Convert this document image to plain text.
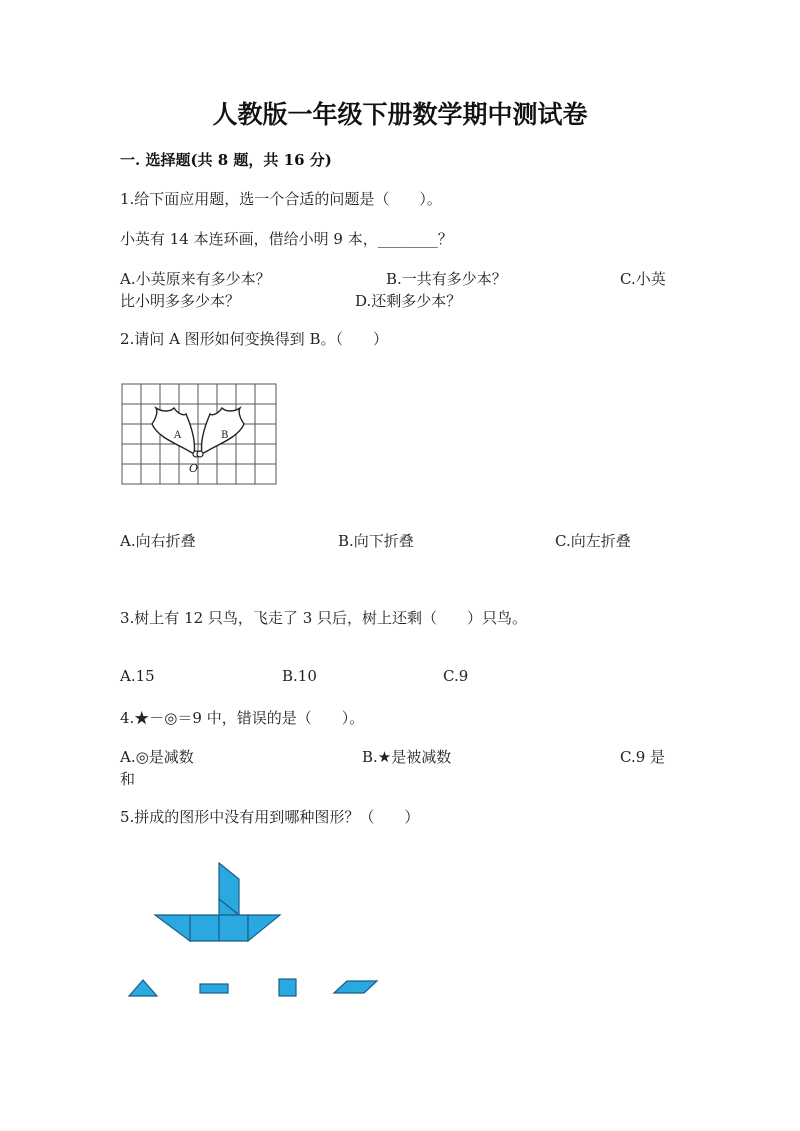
人教版一年级下册数学期中测试卷
一. 选择题(共 8 题，共 16 分)
1.给下面应用题，选一个合适的问题是（　　）。
小英有 14 本连环画，借给小明 9 本，________？
A.小英原来有多少本？	B.一共有多少本？	C.小英
比小明多多少本？	D.还剩多少本？
2.请问 A 图形如何变换得到 B。（　　）
A	B
O
A.向右折叠	B.向下折叠	C.向左折叠
3.树上有 12 只鸟，飞走了 3 只后，树上还剩（　　）只鸟。
A.15	B.10	C.9
4.★－◎＝9 中，错误的是（　　）。
A.◎是减数	B.★是被减数	C.9 是
和
5.拼成的图形中没有用到哪种图形？（　　）
